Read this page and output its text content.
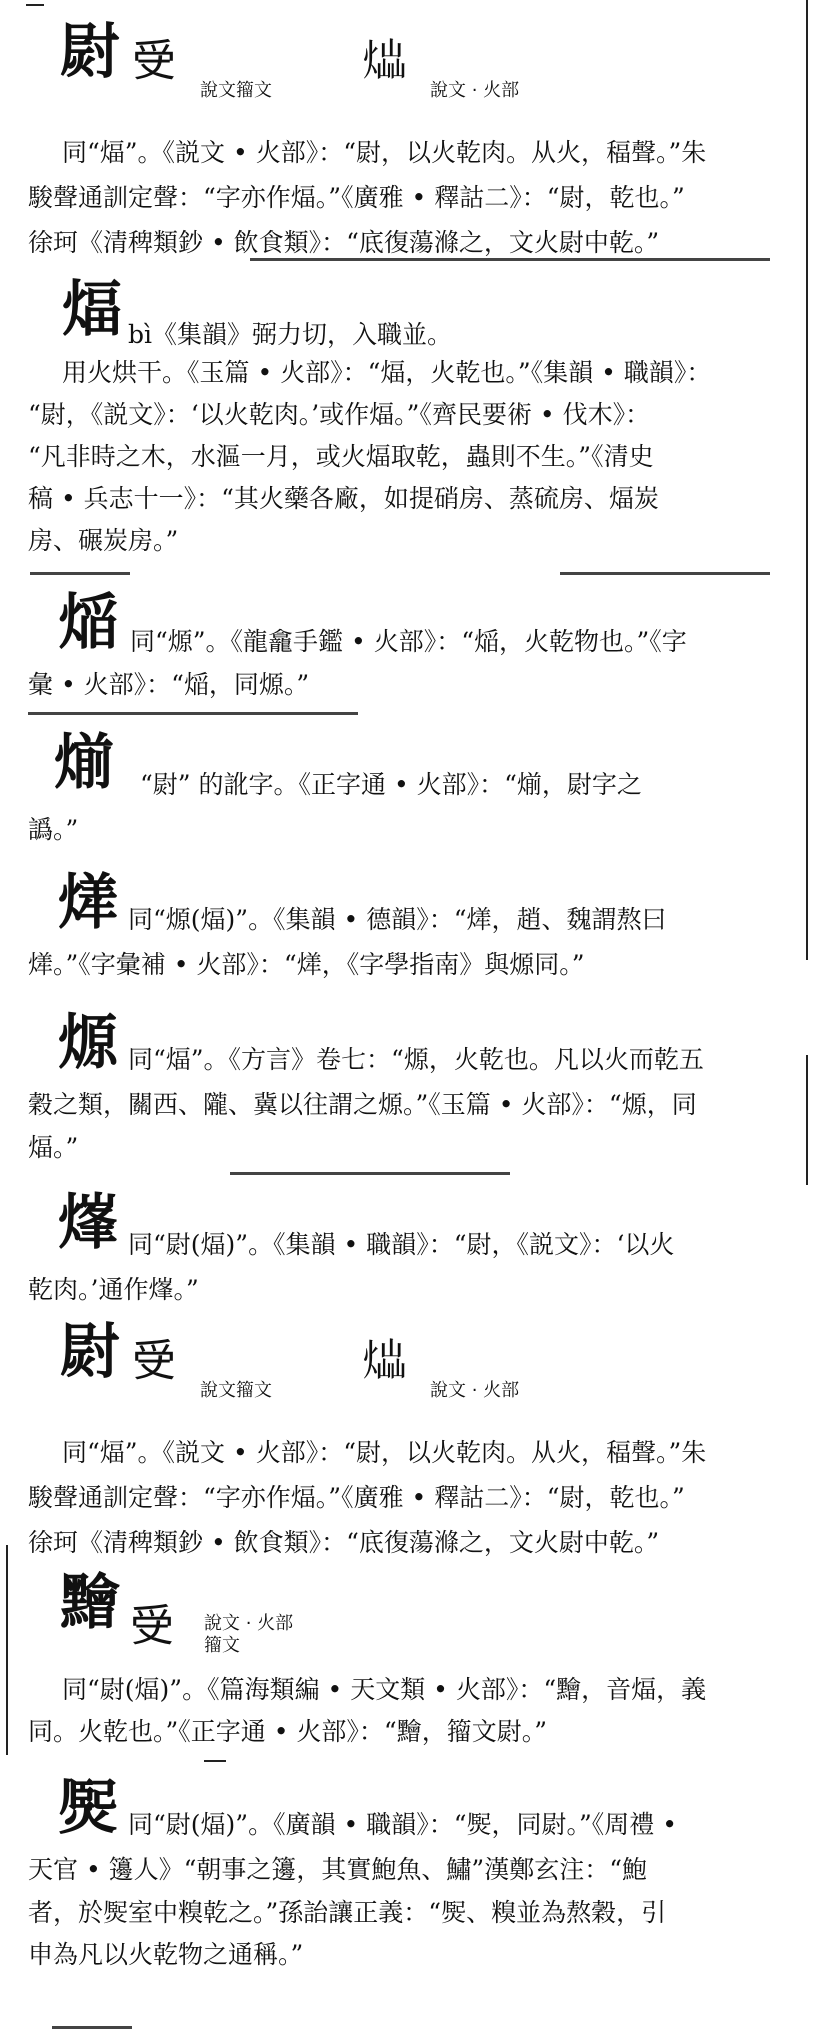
㷉 𤓾
說文籀文
𤋫
說文 · 火部
同“煏”。《説文 • 火部》：“㷉，以火乾肉。从火，稫聲。”朱
駿聲通訓定聲：“字亦作煏。”《廣雅 • 釋詁二》：“㷉，乾也。”
徐珂《清稗類鈔 • 飲食類》：“底復蕩滌之，文火㷉中乾。”
煏 bì《集韻》弼力切，入職並。
用火烘干。《玉篇 • 火部》：“煏，火乾也。”《集韻 • 職韻》：
“㷉，《説文》：‘以火乾肉。’或作煏。”《齊民要術 • 伐木》：
“凡非時之木，水漚一月，或火煏取乾，蟲則不生。”《清史
稿 • 兵志十一》：“其火藥各廠，如提硝房、蒸硫房、煏炭
房、碾炭房。”
㷔 同“㷧”。《龍龕手鑑 • 火部》：“㷔，火乾物也。”《字
彙 • 火部》：“㷔，同㷧。”
㷙 “㷉” 的訛字。《正字通 • 火部》：“㷙，㷉字之
譌。”
㷣 同“㷧(煏)”。《集韻 • 德韻》：“㷣，趙、魏謂熬曰
㷣。”《字彙補 • 火部》：“㷣，《字學指南》與㷧同。”
㷧 同“煏”。《方言》卷七：“㷧，火乾也。凡以火而乾五
穀之類，關西、隴、冀以往謂之㷧。”《玉篇 • 火部》：“㷧，同
煏。”
㷨 同“㷉(煏)”。《集韻 • 職韻》：“㷉，《説文》：‘以火
乾肉。’通作㷨。”
㷉 𤓾
說文籀文
𤋫
說文 · 火部
同“煏”。《説文 • 火部》：“㷉，以火乾肉。从火，稫聲。”朱
駿聲通訓定聲：“字亦作煏。”《廣雅 • 釋詁二》：“㷉，乾也。”
徐珂《清稗類鈔 • 飲食類》：“底復蕩滌之，文火㷉中乾。”
䵳 𤓾 說文 · 火部
籀文
同“㷉(煏)”。《篇海類編 • 天文類 • 火部》：“䵳，音煏，義
同。火乾也。”《正字通 • 火部》：“䵳，籀文㷉。”
㷩 同“㷉(煏)”。《廣韻 • 職韻》：“㷩，同㷉。”《周禮 •
天官 • 籩人》“朝事之籩，其實鮑魚、鱐”漢鄭玄注：“鮑
者，於㷩室中糗乾之。”孫詒讓正義：“㷩、糗並為熬穀，引
申為凡以火乾物之通稱。”
